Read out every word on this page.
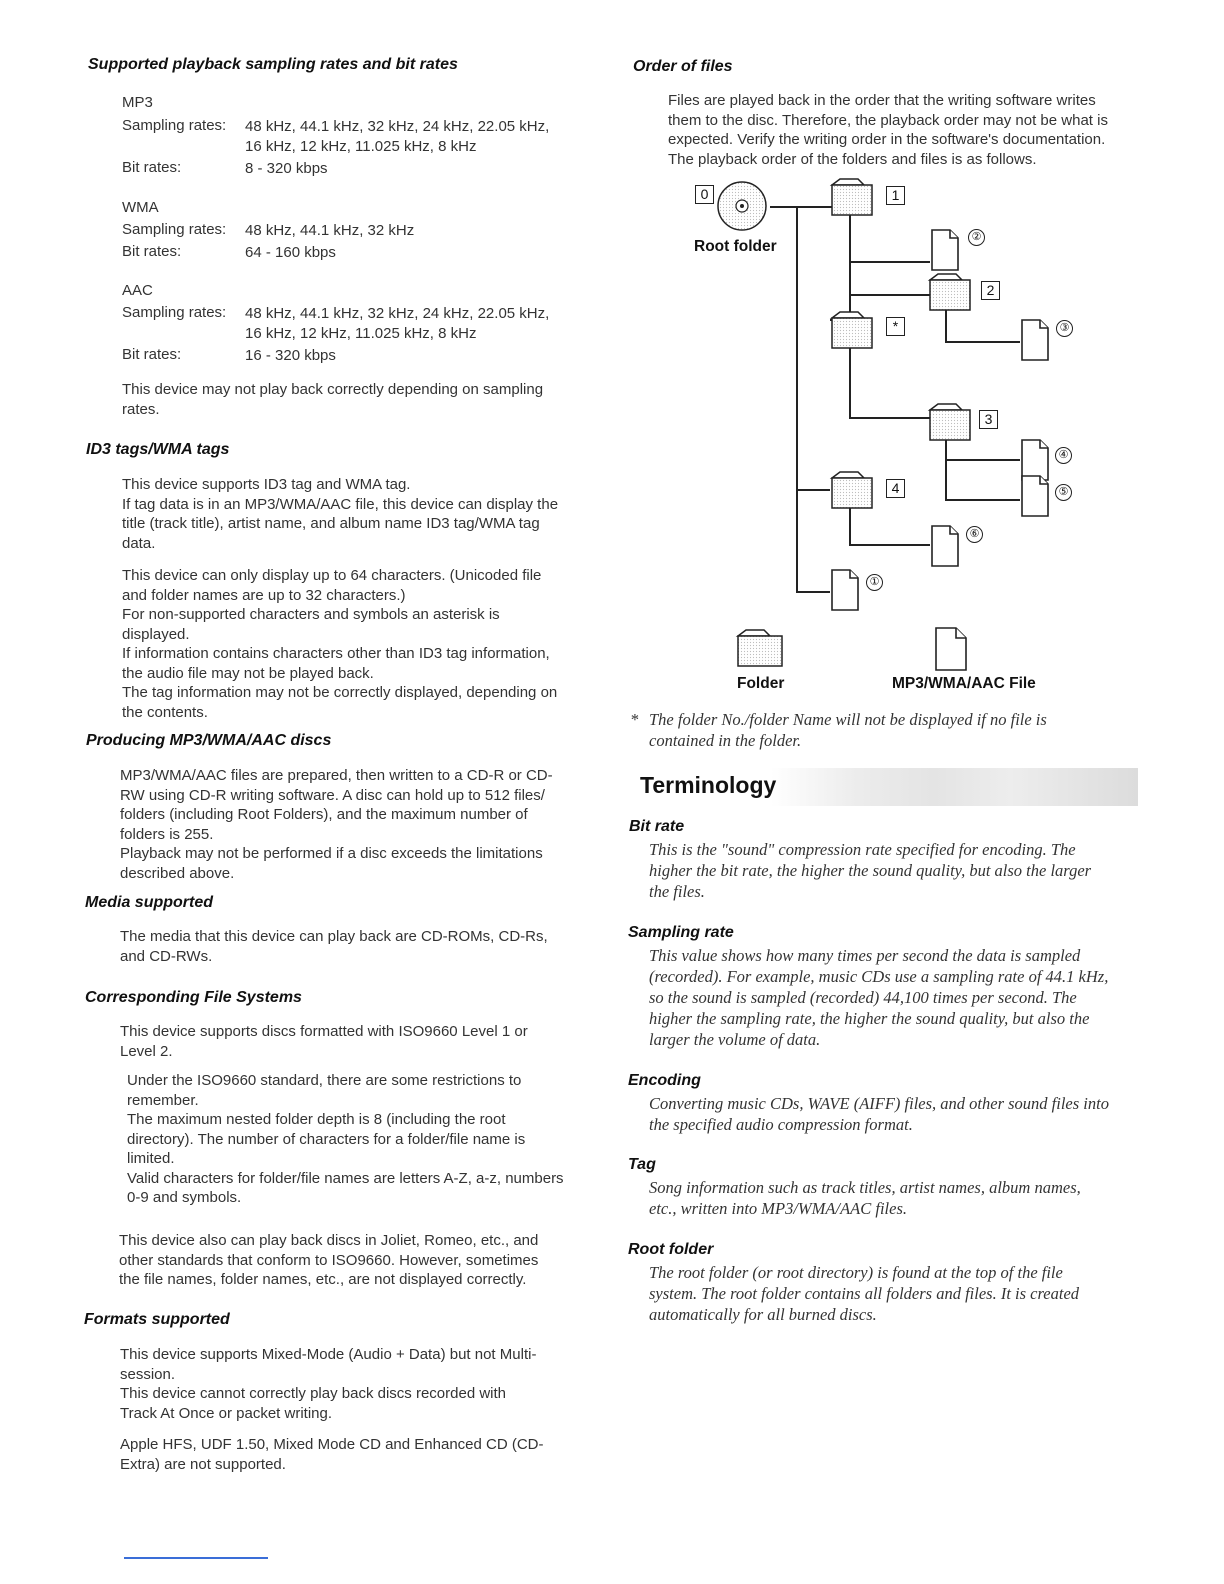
Supported playback sampling rates and bit rates
MP3
Sampling rates: 48 kHz, 44.1 kHz, 32 kHz, 24 kHz, 22.05 kHz,
16 kHz, 12 kHz, 11.025 kHz, 8 kHz
Bit rates:	8 - 320 kbps
WMA
Sampling rates: 48 kHz, 44.1 kHz, 32 kHz
Bit rates:	64 - 160 kbps
AAC
Sampling rates: 48 kHz, 44.1 kHz, 32 kHz, 24 kHz, 22.05 kHz,
16 kHz, 12 kHz, 11.025 kHz, 8 kHz
Bit rates:	16 - 320 kbps
This device may not play back correctly depending on sampling
rates.
ID3 tags/WMA tags
This device supports ID3 tag and WMA tag.
If tag data is in an MP3/WMA/AAC file, this device can display the
title (track title), artist name, and album name ID3 tag/WMA tag
data.
This device can only display up to 64 characters. (Unicoded file
and folder names are up to 32 characters.)
For non-supported characters and symbols an asterisk is
displayed.
If information contains characters other than ID3 tag information,
the audio file may not be played back.
The tag information may not be correctly displayed, depending on
the contents.
Producing MP3/WMA/AAC discs
MP3/WMA/AAC files are prepared, then written to a CD-R or CD-
RW using CD-R writing software. A disc can hold up to 512 files/
folders (including Root Folders), and the maximum number of
folders is 255.
Playback may not be performed if a disc exceeds the limitations
described above.
Media supported
The media that this device can play back are CD-ROMs, CD-Rs,
and CD-RWs.
Corresponding File Systems
This device supports discs formatted with ISO9660 Level 1 or
Level 2.
Under the ISO9660 standard, there are some restrictions to
remember.
The maximum nested folder depth is 8 (including the root
directory). The number of characters for a folder/file name is
limited.
Valid characters for folder/file names are letters A-Z, a-z, numbers
0-9 and symbols.
This device also can play back discs in Joliet, Romeo, etc., and
other standards that conform to ISO9660. However, sometimes
the file names, folder names, etc., are not displayed correctly.
Formats supported
This device supports Mixed-Mode (Audio + Data) but not Multi-
session.
This device cannot correctly play back discs recorded with
Track At Once or packet writing.
Apple HFS, UDF 1.50, Mixed Mode CD and Enhanced CD (CD-
Extra) are not supported.
Order of files
Files are played back in the order that the writing software writes
them to the disc. Therefore, the playback order may not be what is
expected. Verify the writing order in the software's documentation.
The playback order of the folders and files is as follows.
0	1
2
*
3
4
②
③
④
⑤
⑥
①
Root folder
Folder	MP3/WMA/AAC File
* The folder No./folder Name will not be displayed if no file is
contained in the folder.
Terminology
Bit rate
This is the "sound" compression rate specified for encoding. The
higher the bit rate, the higher the sound quality, but also the larger
the files.
Sampling rate
This value shows how many times per second the data is sampled
(recorded). For example, music CDs use a sampling rate of 44.1 kHz,
so the sound is sampled (recorded) 44,100 times per second. The
higher the sampling rate, the higher the sound quality, but also the
larger the volume of data.
Encoding
Converting music CDs, WAVE (AIFF) files, and other sound files into
the specified audio compression format.
Tag
Song information such as track titles, artist names, album names,
etc., written into MP3/WMA/AAC files.
Root folder
The root folder (or root directory) is found at the top of the file
system. The root folder contains all folders and files. It is created
automatically for all burned discs.
